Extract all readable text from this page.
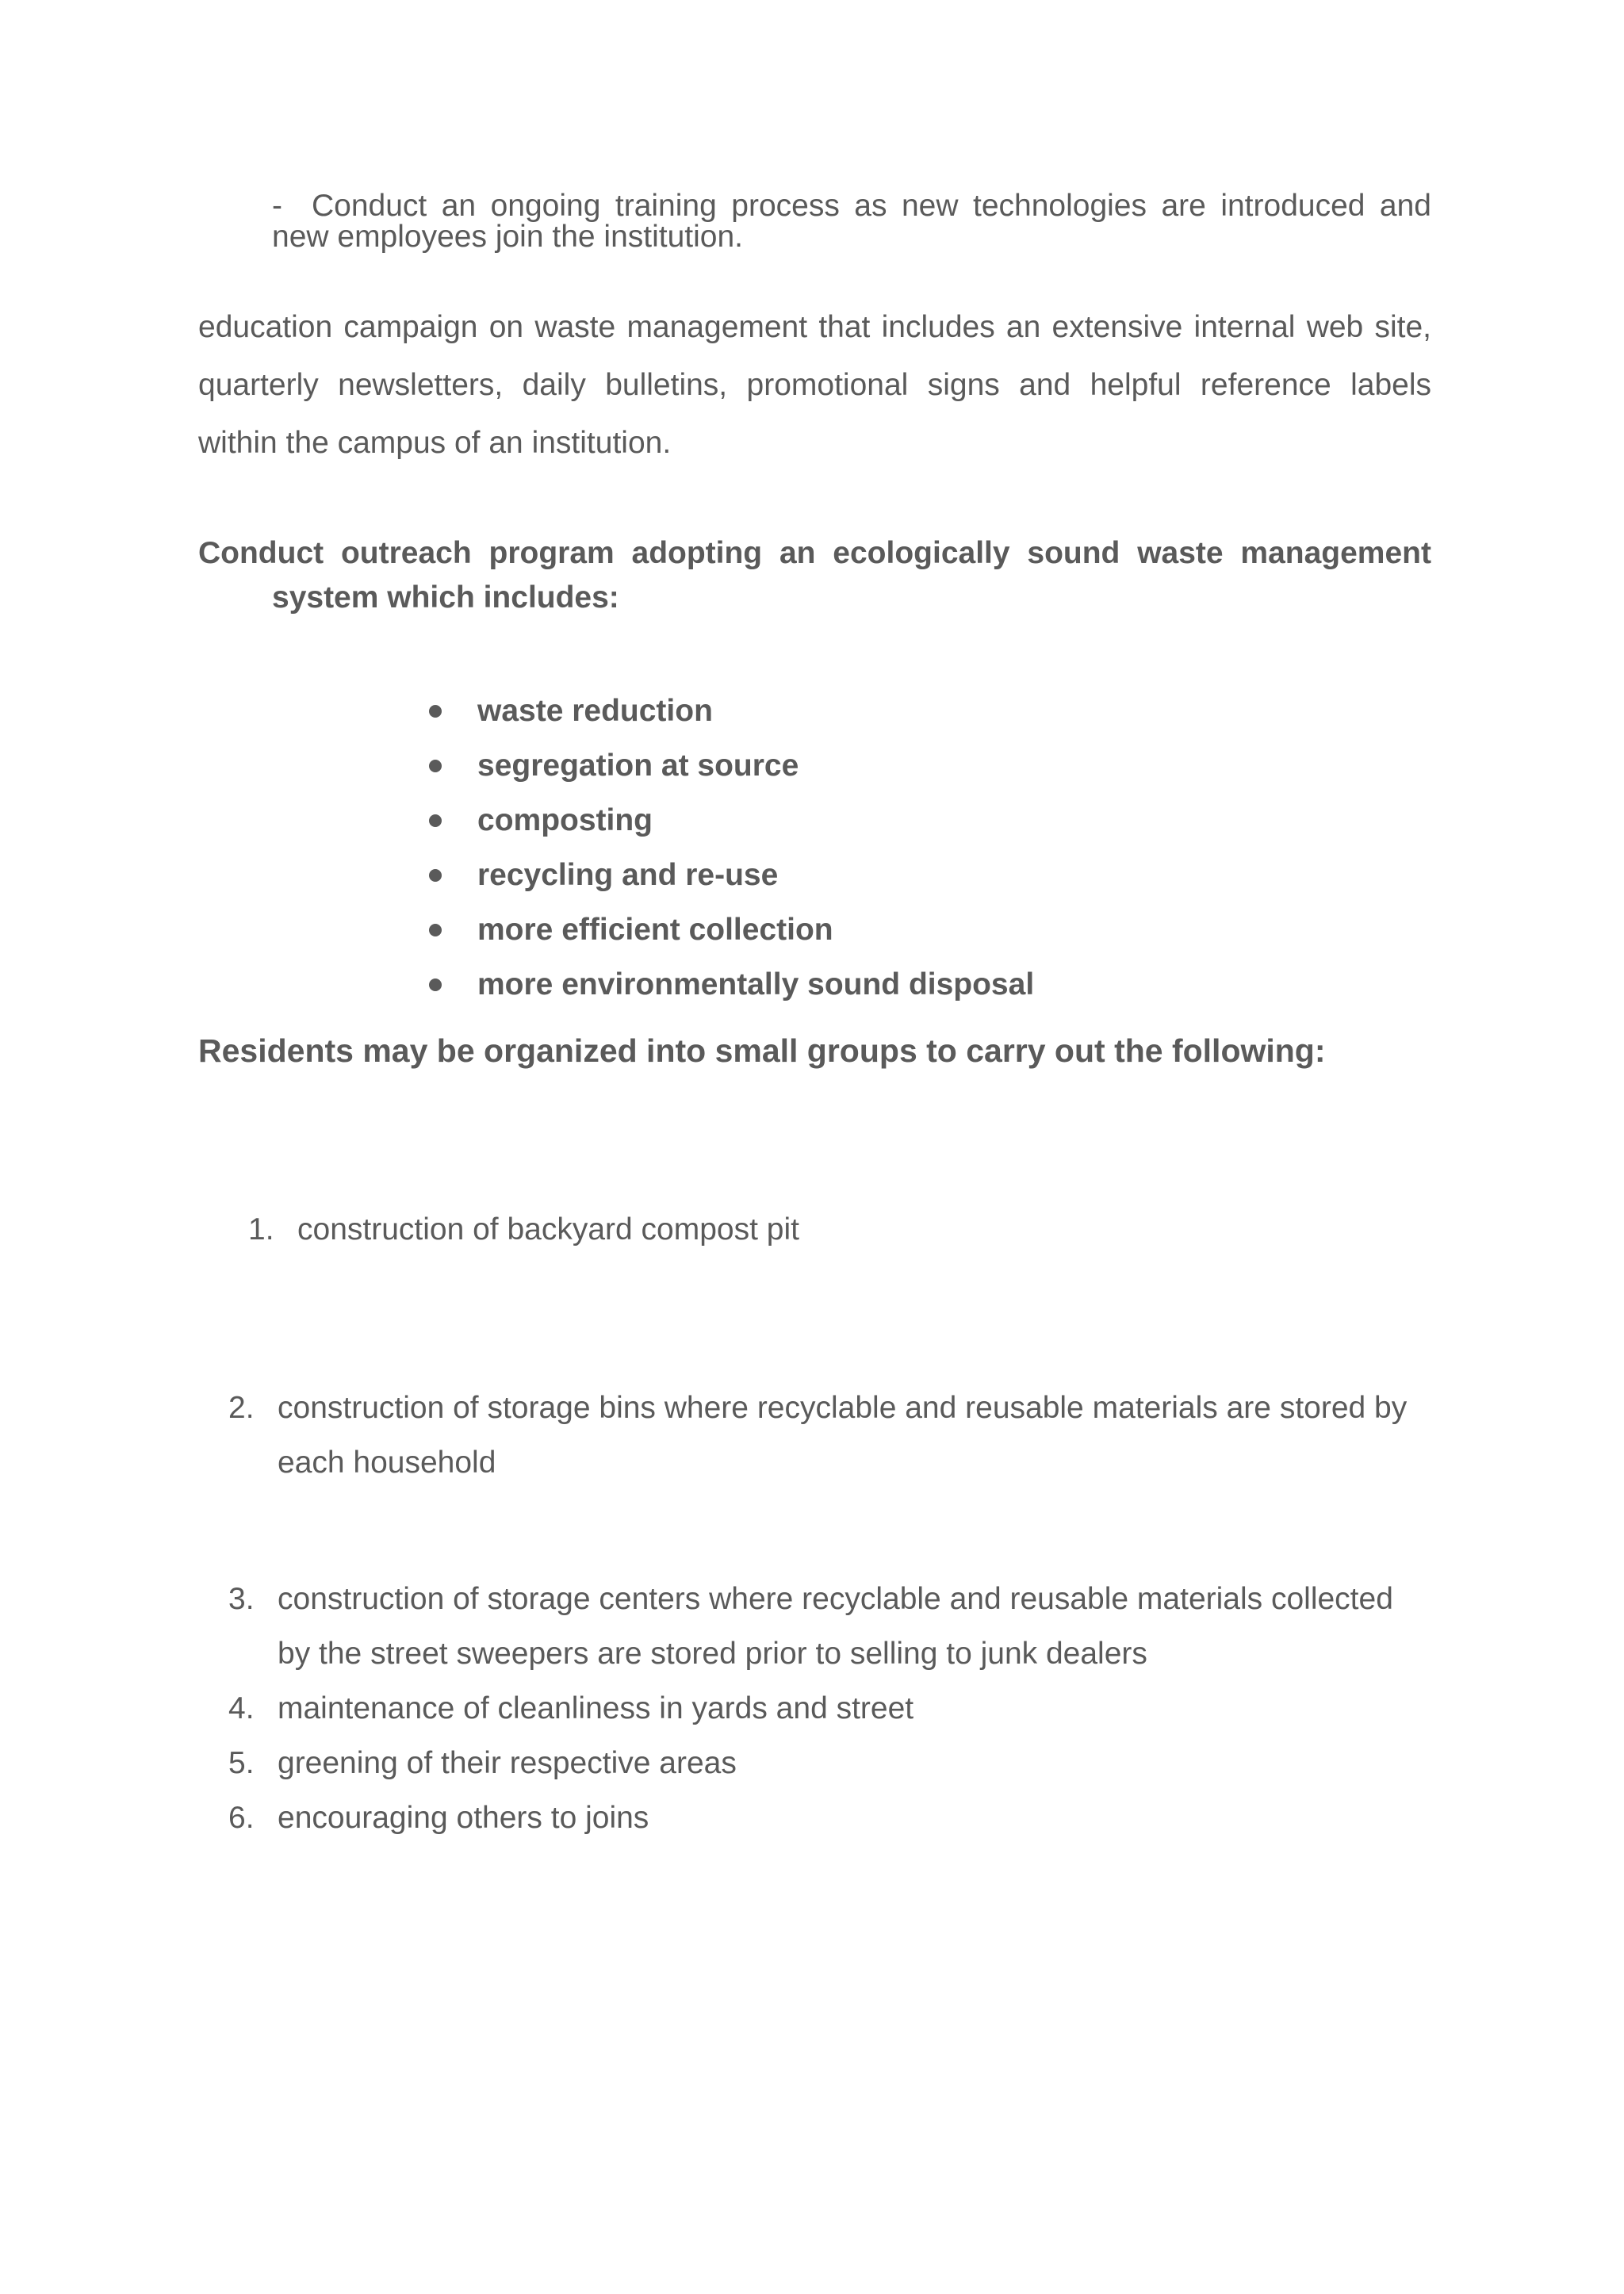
- Conduct an ongoing training process as new technologies are introduced and
new employees join the institution.
education campaign on waste management that includes an extensive internal web site,
quarterly newsletters, daily bulletins, promotional signs and helpful reference labels
within the campus of an institution.
Conduct outreach program adopting an ecologically sound waste management
system which includes:
waste reduction
segregation at source
composting
recycling and re-use
more efficient collection
more environmentally sound disposal
Residents may be organized into small groups to carry out the following:
1. construction of backyard compost pit
2. construction of storage bins where recyclable and reusable materials are stored by
each household
3. construction of storage centers where recyclable and reusable materials collected
by the street sweepers are stored prior to selling to junk dealers
4. maintenance of cleanliness in yards and street
5. greening of their respective areas
6. encouraging others to joins
